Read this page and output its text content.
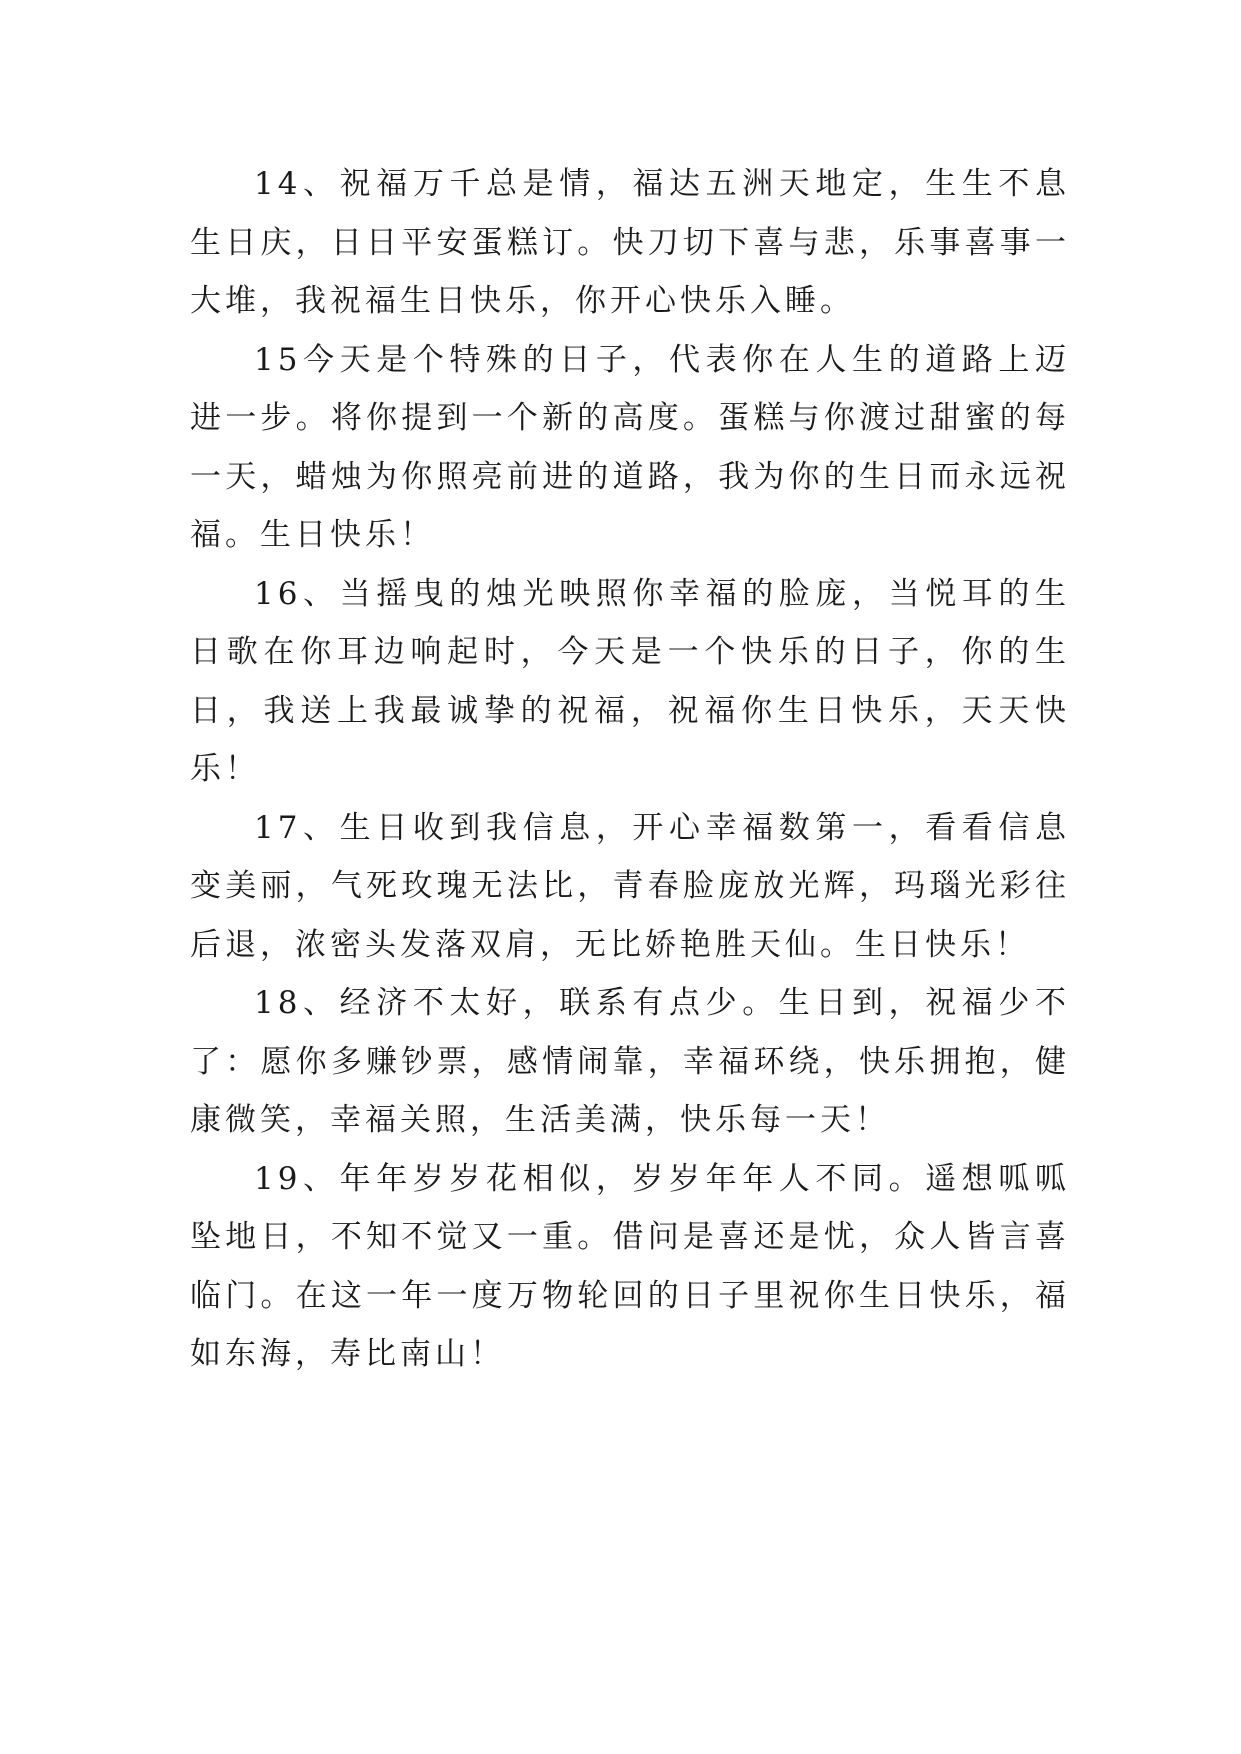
14、祝福万千总是情，福达五洲天地定，生生不息生日庆，日日平安蛋糕订。快刀切下喜与悲，乐事喜事一大堆，我祝福生日快乐，你开心快乐入睡。

15今天是个特殊的日子，代表你在人生的道路上迈进一步。将你提到一个新的高度。蛋糕与你渡过甜蜜的每一天，蜡烛为你照亮前进的道路，我为你的生日而永远祝福。生日快乐！

16、当摇曳的烛光映照你幸福的脸庞，当悦耳的生日歌在你耳边响起时，今天是一个快乐的日子，你的生日，我送上我最诚挚的祝福，祝福你生日快乐，天天快乐！

17、生日收到我信息，开心幸福数第一，看看信息变美丽，气死玫瑰无法比，青春脸庞放光辉，玛瑙光彩往后退，浓密头发落双肩，无比娇艳胜天仙。生日快乐！

18、经济不太好，联系有点少。生日到，祝福少不了：愿你多赚钞票，感情闹靠，幸福环绕，快乐拥抱，健康微笑，幸福关照，生活美满，快乐每一天！

19、年年岁岁花相似，岁岁年年人不同。遥想呱呱坠地日，不知不觉又一重。借问是喜还是忧，众人皆言喜临门。在这一年一度万物轮回的日子里祝你生日快乐，福如东海，寿比南山！
